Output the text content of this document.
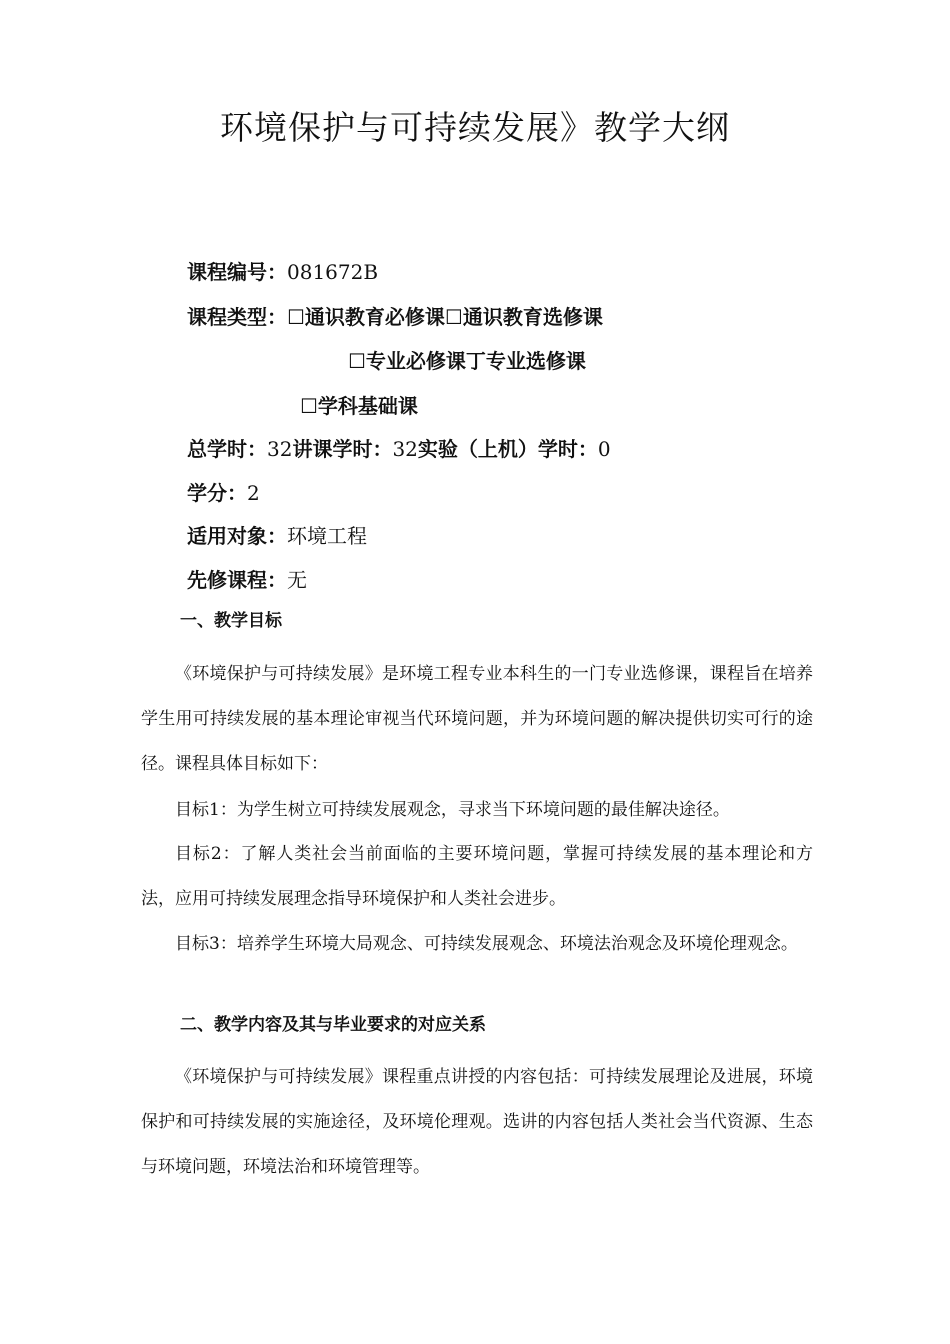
环境保护与可持续发展》教学大纲
课程编号：081672B
课程类型：☐通识教育必修课☐通识教育选修课
☐专业必修课丁专业选修课
☐学科基础课
总学时：32讲课学时：32实验（上机）学时：0
学分：2
适用对象：环境工程
先修课程：无
一、教学目标

《环境保护与可持续发展》是环境工程专业本科生的一门专业选修课，课程旨在培养学生用可持续发展的基本理论审视当代环境问题，并为环境问题的解决提供切实可行的途径。课程具体目标如下：

目标1：为学生树立可持续发展观念，寻求当下环境问题的最佳解决途径。

目标2：了解人类社会当前面临的主要环境问题，掌握可持续发展的基本理论和方法，应用可持续发展理念指导环境保护和人类社会进步。

目标3：培养学生环境大局观念、可持续发展观念、环境法治观念及环境伦理观念。

二、教学内容及其与毕业要求的对应关系

《环境保护与可持续发展》课程重点讲授的内容包括：可持续发展理论及进展，环境保护和可持续发展的实施途径，及环境伦理观。选讲的内容包括人类社会当代资源、生态与环境问题，环境法治和环境管理等。
